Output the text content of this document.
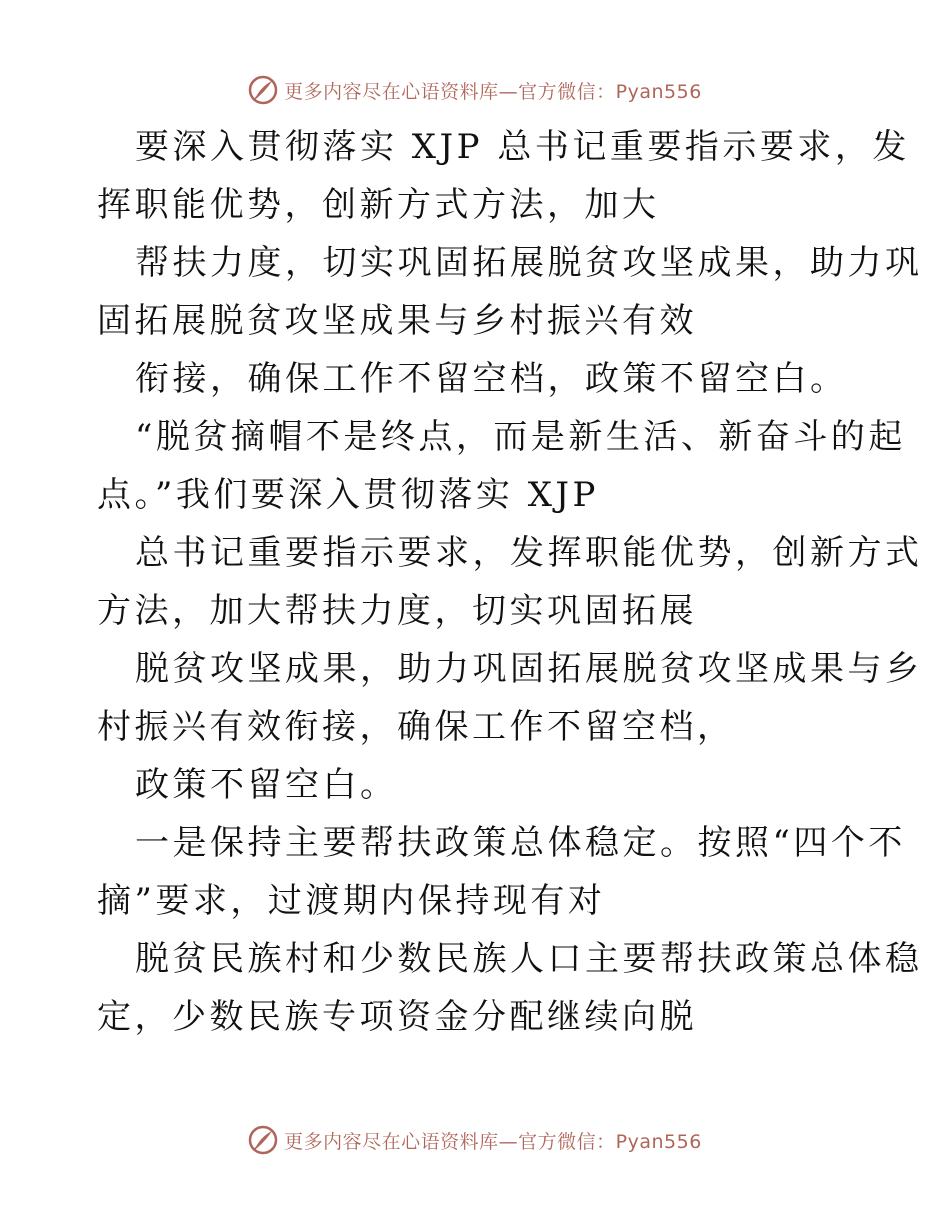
更多内容尽在心语资料库—官方微信：Pyan556

要深入贯彻落实 XJP 总书记重要指示要求，发

挥职能优势，创新方式方法，加大

帮扶力度，切实巩固拓展脱贫攻坚成果，助力巩

固拓展脱贫攻坚成果与乡村振兴有效

衔接，确保工作不留空档，政策不留空白。

“脱贫摘帽不是终点，而是新生活、新奋斗的起

点。”我们要深入贯彻落实 XJP

总书记重要指示要求，发挥职能优势，创新方式

方法，加大帮扶力度，切实巩固拓展

脱贫攻坚成果，助力巩固拓展脱贫攻坚成果与乡

村振兴有效衔接，确保工作不留空档，

政策不留空白。

一是保持主要帮扶政策总体稳定。按照“四个不

摘”要求，过渡期内保持现有对

脱贫民族村和少数民族人口主要帮扶政策总体稳

定，少数民族专项资金分配继续向脱

更多内容尽在心语资料库—官方微信：Pyan556
